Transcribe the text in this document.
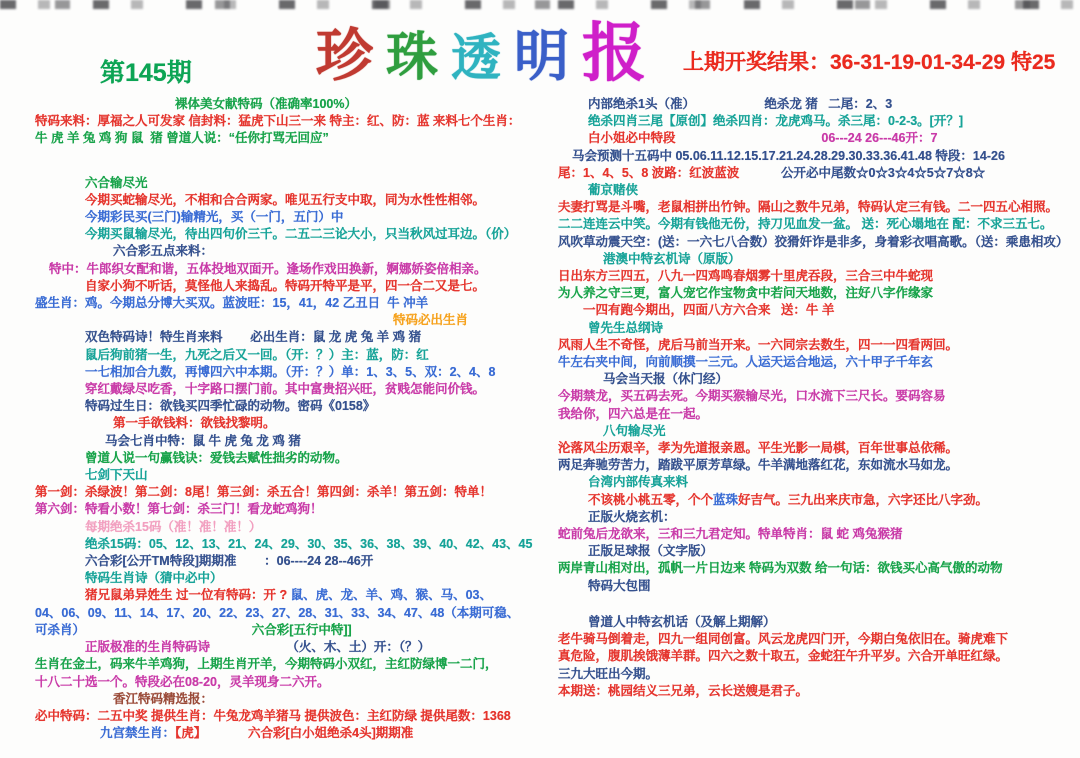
第145期 珍 珠 透 明 报 上期开奖结果：36-31-19-01-34-29 特25
裸体美女献特码（准确率100%）
特码来料：厚福之人可发家 信封料：猛虎下山三一来 特主：红、防：蓝 来料七个生肖：
牛 虎 羊 兔 鸡 狗 鼠  猪 曾道人说：“任你打骂无回应”
六合输尽光
今期买蛇输尽光，不相和合合两家。唯见五行支中取，同为水性性相邻。
今期彩民买(三门)输精光，买（一门，五门）中
今期买鼠输尽光，待出四句价三千。二五二三论大小，只当秋风过耳边。（价）
六合彩五点来料：
特中：牛郎织女配和谐，五体投地双面开。逢场作戏田换新，婀娜娇姿倍相亲。
自家小狗不听话，莫怪他人来捣乱。特码开特平是平，四一合二又是七。
盛生肖：鸡。今期总分博大买双。蓝波旺：15，41，42 乙丑日  牛 冲羊
特码必出生肖
双色特码诗！特生肖来料        必出生肖：鼠 龙 虎 兔 羊 鸡 猪
鼠后狗前猪一生，九死之后又一回。（开：？）主：蓝，防：红
一七相加合九数，再博四六中本期。（开：？）单：1、3、5、双：2、4、8
穿红戴绿尽吃香，十字路口摆门前。其中富贵招兴旺，贫贱怎能问价钱。
特码过生日：欲钱买四季忙碌的动物。密码《0158》
第一手欲钱料：欲钱找黎明。
马会七肖中特：鼠 牛 虎 兔 龙 鸡 猪
曾道人说一句赢钱诀：爱钱去赋性拙劣的动物。
七剑下天山
第一剑：杀绿波！第二剑：8尾！第三剑：杀五合！第四剑：杀羊！第五剑：特单！
第六剑：特看小数！第七剑：杀三门！看龙蛇鸡狗！
每期绝杀15码（准！准！准！）
绝杀15码：05、12、13、21、24、29、30、35、36、38、39、40、42、43、45
六合彩[公开TM特段]期期准        ：06----24 28--46开
特码生肖诗（猜中必中）
猪兄鼠弟异姓生 过一位有特码：开 ? 鼠、虎、龙、羊、鸡、猴、马、03、
04、06、09、11、14、17、20、22、23、27、28、31、33、34、47、48（本期可稳、
可杀肖）                                                六合彩[五行中特]]
正版极准的生肖特码诗                      （火、木、土）开：（？）
生肖在金土，码来牛羊鸡狗，上期生肖开羊，今期特码小双红，主红防绿博一二门，
十八二十选一个。特段必在08-20，灵羊现身二六开。
香江特码精选报：
必中特码：二五中奖 提供生肖：牛兔龙鸡羊猪马 提供波色：主红防绿 提供尾数：1368
九宫禁生肖：【虎】            六合彩[白小姐绝杀4头]期期准
内部绝杀1头（准）                    绝杀龙 猪   二尾：2、3
绝杀四肖三尾【原创】绝杀四肖：龙虎鸡马。杀三尾：0-2-3。[开？]
白小姐必中特段                                          06---24 26---46开：7
马会预测十五码中 05.06.11.12.15.17.21.24.28.29.30.33.36.41.48 特段：14-26
尾：1、4、5、8 波路：红波蓝波            公开必中尾数☆0☆3☆4☆5☆7☆8☆
葡京赌侠
夫妻打骂是斗嘴，老鼠相拼出竹钟。隔山之数牛兄弟，特码认定三有钱。二一四五心相照。
二二连连云中笑。今期有钱他无份，持刀见血发一盆。 送：死心塌地在 配：不求三五七。
风吹草动震天空：(送：一六七八合数）狡猾奸诈是非多，身着彩衣唱高歌。（送：乘患相攻）
港澳中特玄机诗（原版）
日出东方三四五，八九一四鸡鸣春烟雾十里虎吞段，三合三中牛蛇现
为人养之守三更，富人宠它作宝物贪中若问天地数，注好八字作缘家
一四有跑今期出，四面八方六合来   送：牛 羊
曾先生总纲诗
风雨人生不奇怪，虎后马前当开来。一六同宗去数生，四一一四看两回。
牛左右夹中间，向前顺摸一三元。人运天运合地运，六十甲子千年玄
马会当天报（休门经）
今期禁龙，买五码去死。今期买猴输尽光，口水流下三尺长。要码容易
我给你，四六总是在一起。
八句输尽光
沦落风尘历艰辛，孝为先道报亲恩。平生光影一局棋，百年世事总依稀。
两足奔驰劳苦力，踏跋平原芳草绿。牛羊满地落红花，东如流水马如龙。
台湾内部传真来料
不该桃小桃五零，个个蓝珠好吉气。三九出来庆市急，六字还比八字劲。
正版火烧玄机：
蛇前兔后龙欲来，三和三九君定知。特单特肖：鼠 蛇 鸡兔猴猪
正版足球报（文字版）
两岸青山相对出，孤帆一片日边来 特码为双数 给一句话：欲钱买心高气傲的动物
特码大包围
曾道人中特玄机话（及解上期解）
老牛骑马倒着走，四九一组同创富。风云龙虎四门开，今期白兔依旧在。骑虎难下
真危险，腹肌挨饿薄羊群。四六之数十取五，金蛇狂午升平岁。六合开单旺红绿。
三九大旺出今期。
本期送：桃园结义三兄弟，云长送嫂是君子。
